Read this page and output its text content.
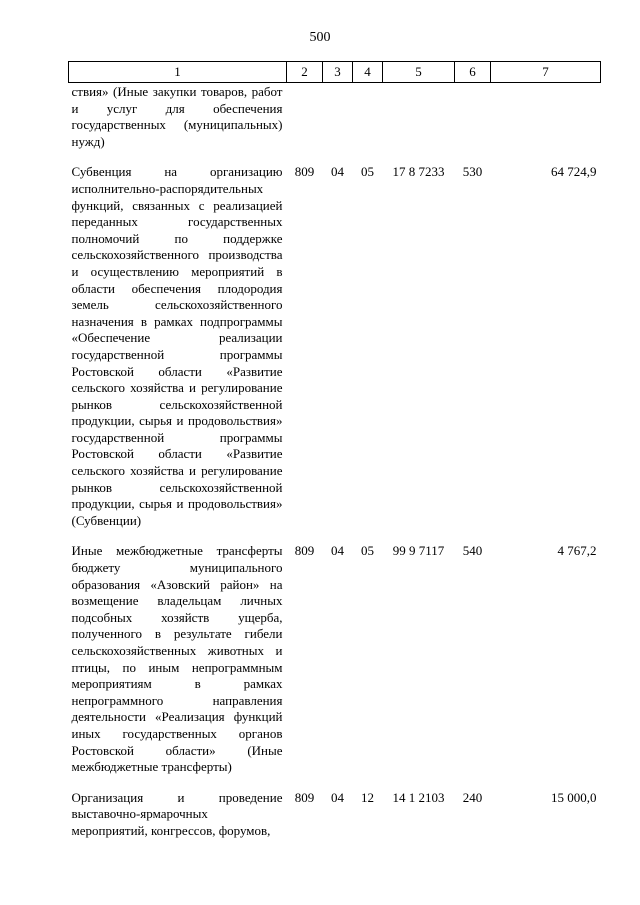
500
1	2	3	4	5	6	7
ствия» (Иные закупки товаров, работ и услуг для обеспечения государственных (муниципальных) нужд)						
Субвенция на организацию исполнительно-распорядительных функций, связанных с реализацией переданных государственных полномочий по поддержке сельскохозяйственного производства и осуществлению мероприятий в области обеспечения плодородия земель сельскохозяйственного назначения в рамках подпрограммы «Обеспечение реализации государственной программы Ростовской области «Развитие сельского хозяйства и регулирование рынков сельскохозяйственной продукции, сырья и продовольствия» государственной программы Ростовской области «Развитие сельского хозяйства и регулирование рынков сельскохозяйственной продукции, сырья и продовольствия» (Субвенции)	809	04	05	17 8 7233	530	64 724,9
Иные межбюджетные трансферты бюджету муниципального образования «Азовский район» на возмещение владельцам личных подсобных хозяйств ущерба, полученного в результате гибели сельскохозяйственных животных и птицы, по иным непрограммным мероприятиям в рамках непрограммного направления деятельности «Реализация функций иных государственных органов Ростовской области» (Иные межбюджетные трансферты)	809	04	05	99 9 7117	540	4 767,2
Организация и проведение выставочно-ярмарочных мероприятий, конгрессов, форумов,	809	04	12	14 1 2103	240	15 000,0
